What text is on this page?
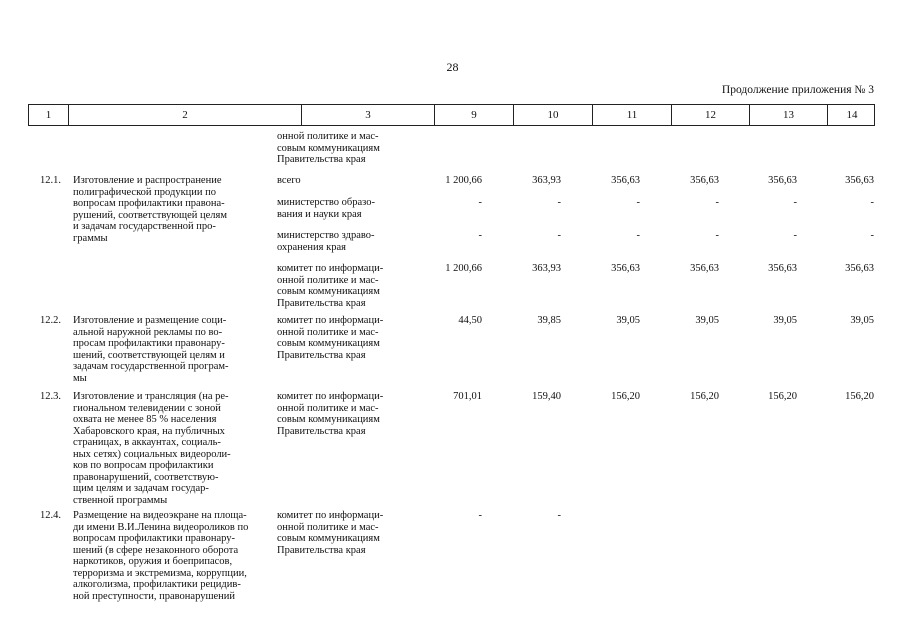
28
Продолжение приложения № 3
1	2	3	9	10	11	12	13	14
онной политике и мас-
совым коммуникациям
Правительства края
12.1. Изготовление и распространение
полиграфической продукции по
вопросам профилактики правона-
рушений, соответствующей целям
и задачам государственной про-
граммы
всего	1 200,66	363,93	356,63	356,63	356,63	356,63
министерство образо-
вания и науки края
-	-	-	-	-	-
министерство здраво-
охранения края
-	-	-	-	-	-
комитет по информаци-
онной политике и мас-
совым коммуникациям
Правительства края
1 200,66	363,93	356,63	356,63	356,63	356,63
12.2. Изготовление и размещение соци-
альной наружной рекламы по во-
просам профилактики правонару-
шений, соответствующей целям и
задачам государственной програм-
мы
комитет по информаци-
онной политике и мас-
совым коммуникациям
Правительства края
44,50	39,85	39,05	39,05	39,05	39,05
12.3. Изготовление и трансляция (на ре-
гиональном телевидении с зоной
охвата не менее 85 % населения
Хабаровского края, на публичных
страницах, в аккаунтах, социаль-
ных сетях) социальных видеороли-
ков по вопросам профилактики
правонарушений, соответствую-
щим целям и задачам государ-
ственной программы
комитет по информаци-
онной политике и мас-
совым коммуникациям
Правительства края
701,01	159,40	156,20	156,20	156,20	156,20
12.4. Размещение на видеоэкране на площа-
ди имени В.И.Ленина видеороликов по
вопросам профилактики правонару-
шений (в сфере незаконного оборота
наркотиков, оружия и боеприпасов,
терроризма и экстремизма, коррупции,
алкоголизма, профилактики рецидив-
ной преступности, правонарушений
комитет по информаци-
онной политике и мас-
совым коммуникациям
Правительства края
-	-
